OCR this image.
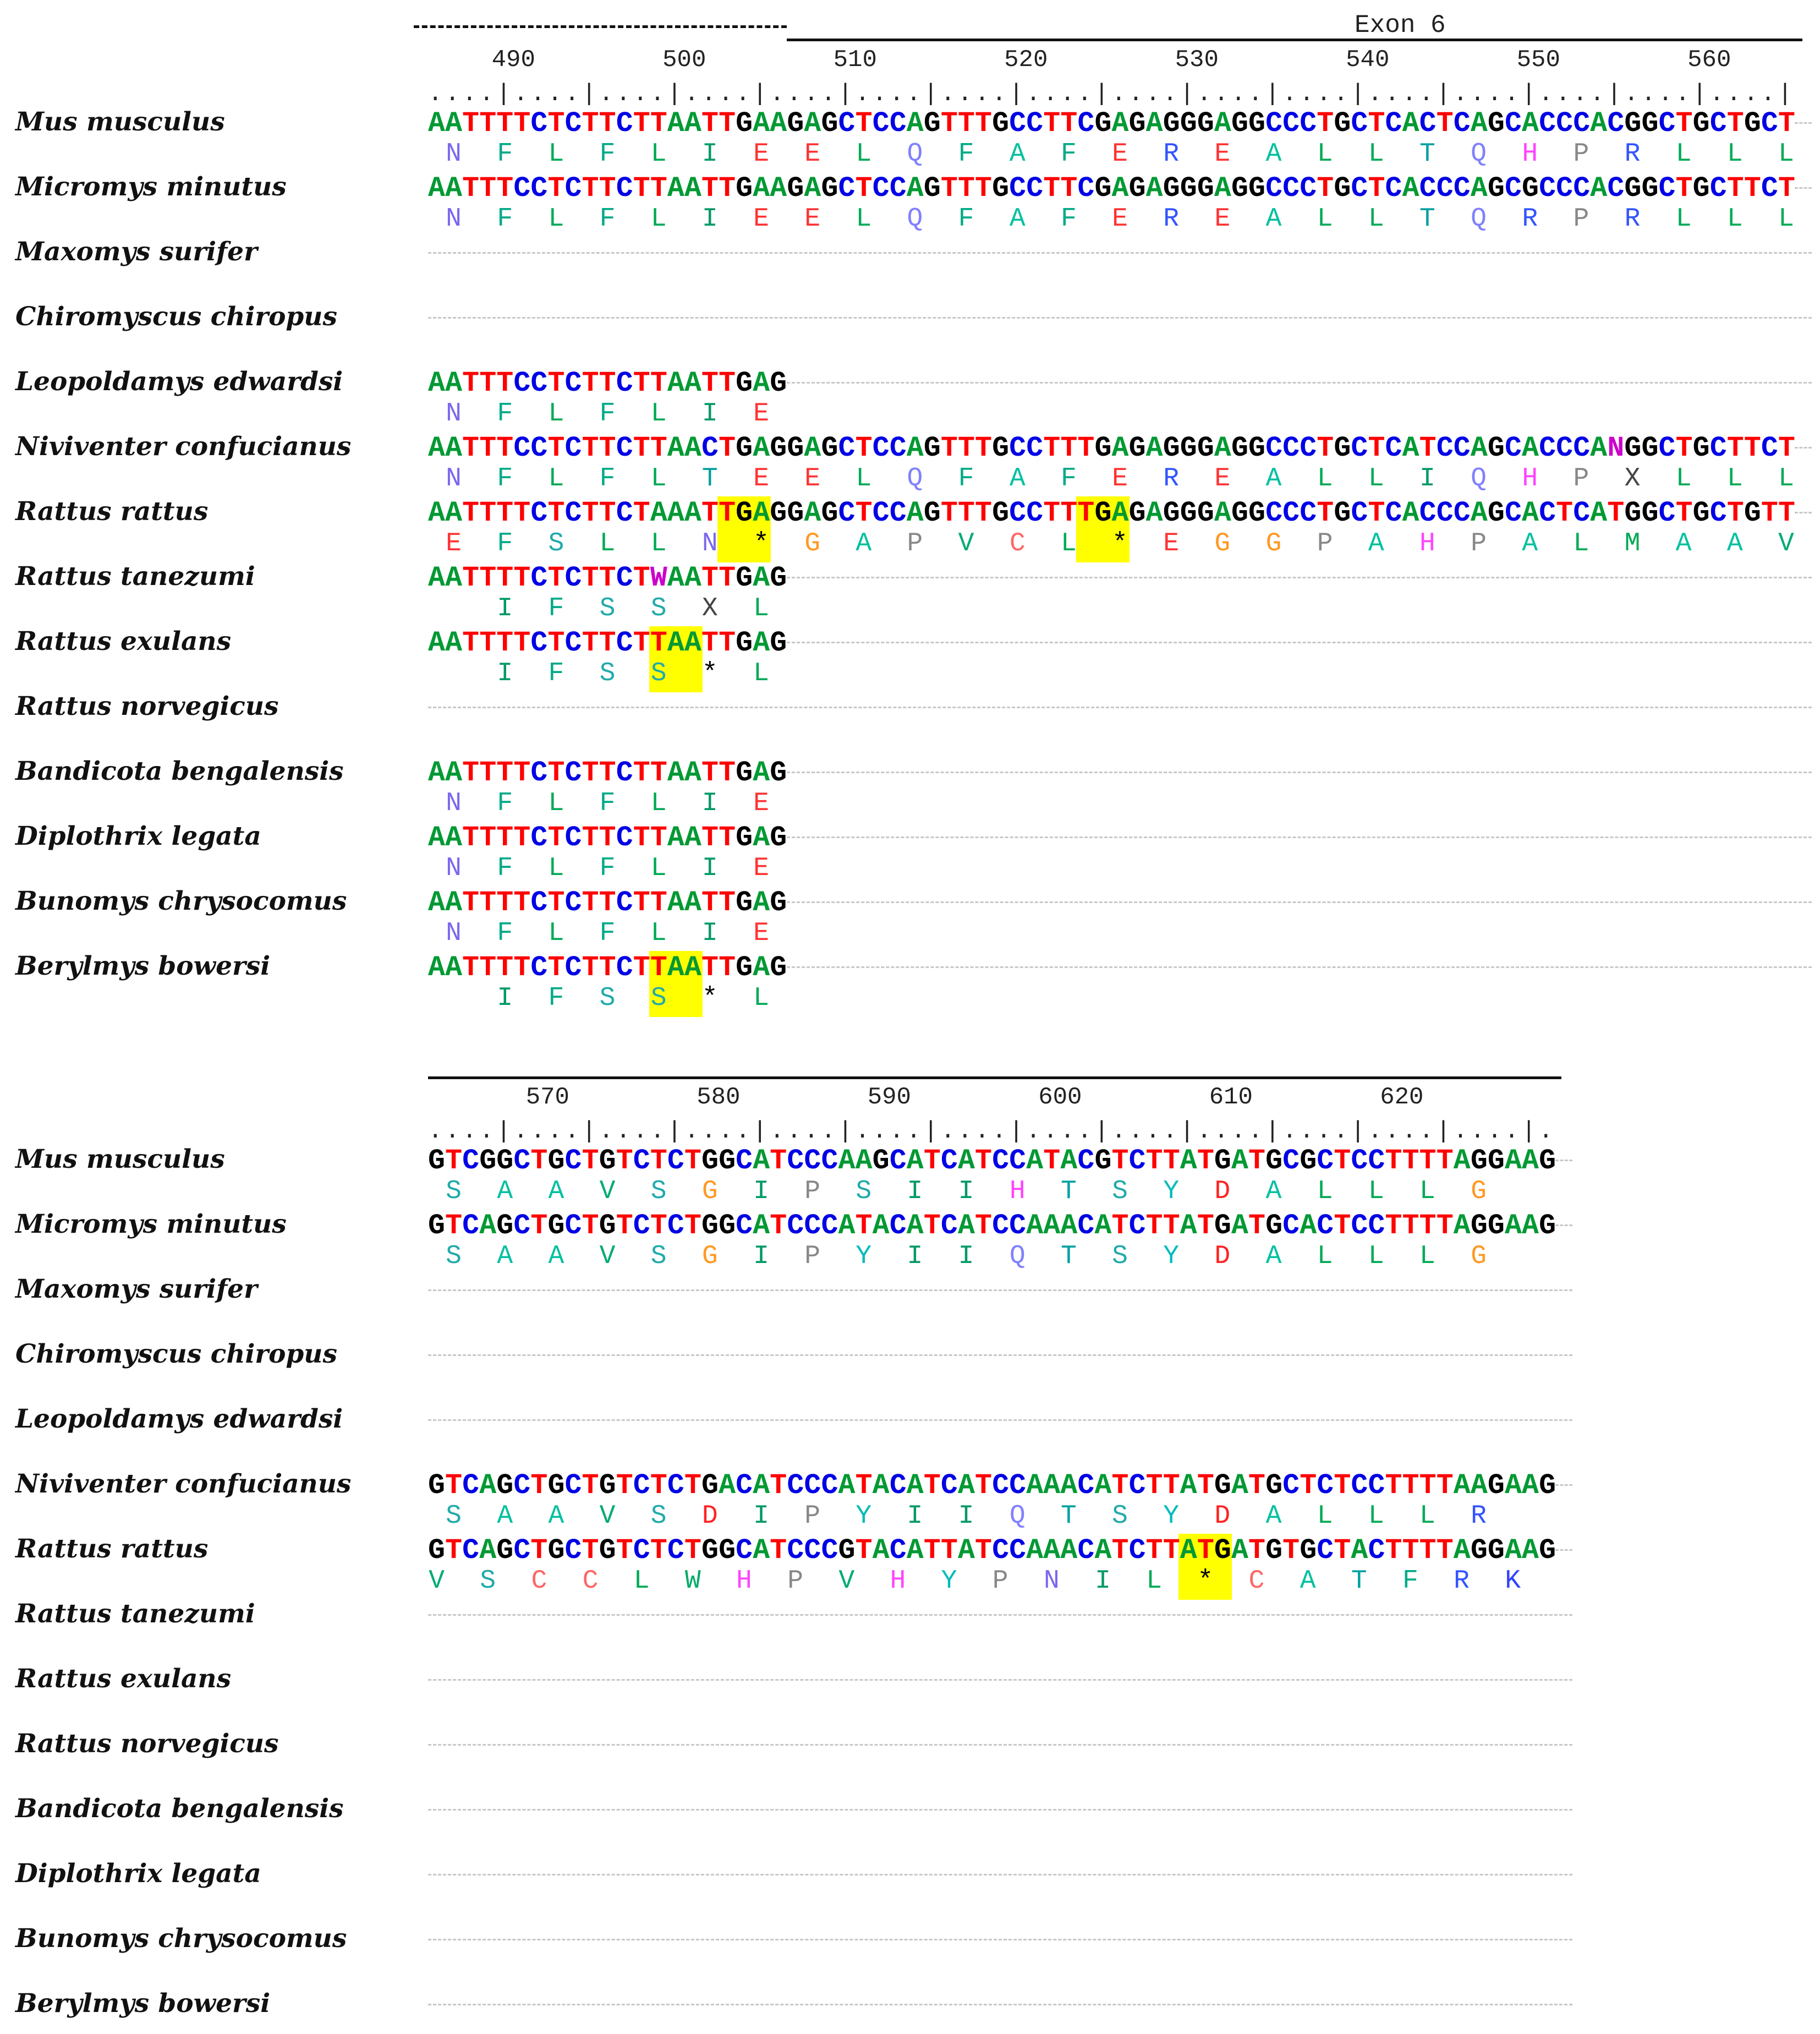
Exon 6
490	500	510	520	530	540	550	560
....|....|....|....|....|....|....|....|....|....|....|....|....|....|....|....|
Mus musculus	AATTTTCTCTTCTTAATTGAAGAGCTCCAGTTTGCCTTCGAGAGGGAGGCCCTGCTCACTCAGCACCCACGGCTGCTGCT
N	F	L	F	L	I	E	E	L	Q	F	A	F	E	R	E	A	L	L	T	Q	H	P	R	L	L	L
Micromys minutus	AATTTCCTCTTCTTAATTGAAGAGCTCCAGTTTGCCTTCGAGAGGGAGGCCCTGCTCACCCAGCGCCCACGGCTGCTTCT
N	F	L	F	L	I	E	E	L	Q	F	A	F	E	R	E	A	L	L	T	Q	R	P	R	L	L	L
Maxomys surifer
Chiromyscus chiropus
Leopoldamys edwardsi	AATTTCCTCTTCTTAATTGAG
N	F	L	F	L	I	E
Niviventer confucianus	AATTTCCTCTTCTTAACTGAGGAGCTCCAGTTTGCCTTTGAGAGGGAGGCCCTGCTCATCCAGCACCCANGGCTGCTTCT
N	F	L	F	L	T	E	E	L	Q	F	A	F	E	R	E	A	L	L	I	Q	H	P	X	L	L	L
Rattus rattus	AATTTTCTCTTCTAAATTGAGGAGCTCCAGTTTGCCTTTGAGAGGGAGGCCCTGCTCACCCAGCACTCATGGCTGCTGTT
E	F	S	L	L	N	*	G	A	P	V	C	L	*	E	G	G	P	A	H	P	A	L	M	A	A	V
Rattus tanezumi	AATTTTCTCTTCTWAATTGAG
I	F	S	S	X	L
Rattus exulans	AATTTTCTCTTCTTAATTGAG
I	F	S	S	*	L
Rattus norvegicus
Bandicota bengalensis	AATTTTCTCTTCTTAATTGAG
N	F	L	F	L	I	E
Diplothrix legata	AATTTTCTCTTCTTAATTGAG
N	F	L	F	L	I	E
Bunomys chrysocomus	AATTTTCTCTTCTTAATTGAG
N	F	L	F	L	I	E
Berylmys bowersi	AATTTTCTCTTCTTAATTGAG
I	F	S	S	*	L
570	580	590	600	610	620
....|....|....|....|....|....|....|....|....|....|....|....|....|.
Mus musculus	GTCGGCTGCTGTCTCTGGCATCCCAAGCATCATCCATACGTCTTATGATGCGCTCCTTTTAGGAAG
S	A	A	V	S	G	I	P	S	I	I	H	T	S	Y	D	A	L	L	L	G
Micromys minutus	GTCAGCTGCTGTCTCTGGCATCCCATACATCATCCAAACATCTTATGATGCACTCCTTTTAGGAAG
S	A	A	V	S	G	I	P	Y	I	I	Q	T	S	Y	D	A	L	L	L	G
Maxomys surifer
Chiromyscus chiropus
Leopoldamys edwardsi
Niviventer confucianus	GTCAGCTGCTGTCTCTGACATCCCATACATCATCCAAACATCTTATGATGCTCTCCTTTTAAGAAG
S	A	A	V	S	D	I	P	Y	I	I	Q	T	S	Y	D	A	L	L	L	R
Rattus rattus	GTCAGCTGCTGTCTCTGGCATCCCGTACATTATCCAAACATCTTATGATGTGCTACTTTTAGGAAG
V	S	C	C	L	W	H	P	V	H	Y	P	N	I	L	*	C	A	T	F	R	K
Rattus tanezumi
Rattus exulans
Rattus norvegicus
Bandicota bengalensis
Diplothrix legata
Bunomys chrysocomus
Berylmys bowersi
